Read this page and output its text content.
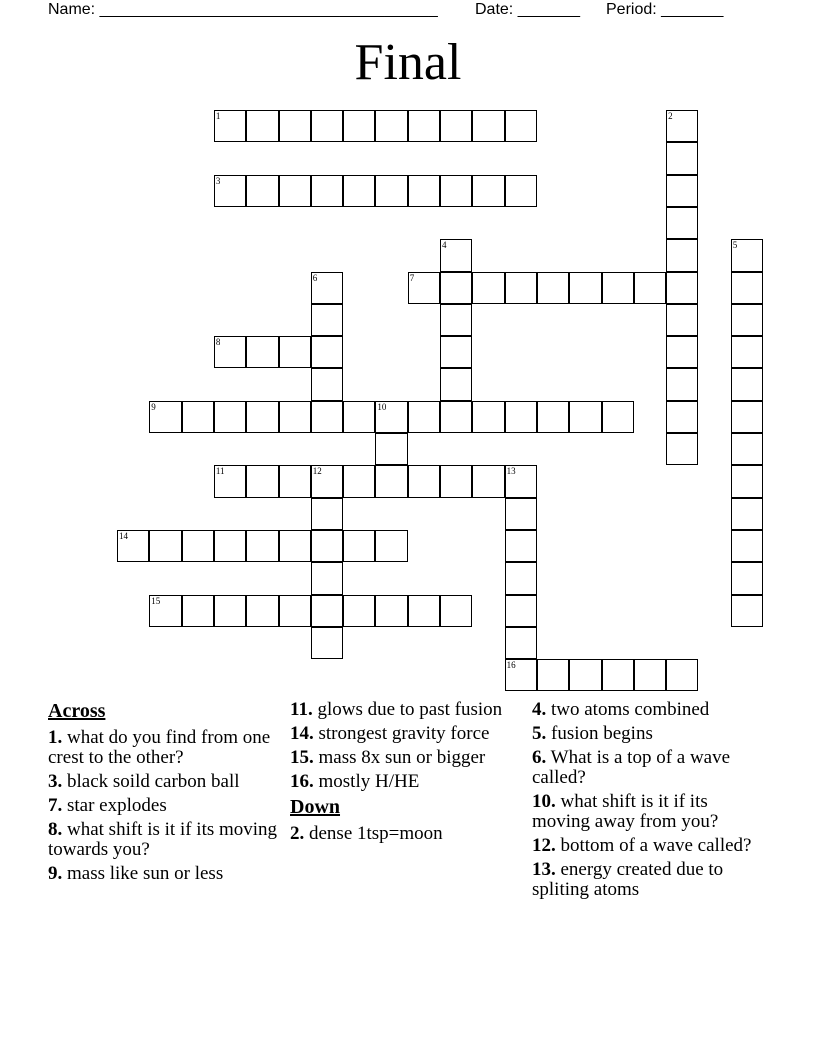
Name: ______________________________________ Date: _______ Period: _______
Final
1	2
3
4	5
6	7
8
9	10
11	12	13
16
14
15
Across
1. what do you find from one crest to the other?
3. black soild carbon ball
7. star explodes
8. what shift is it if its moving towards you?
9. mass like sun or less
11. glows due to past fusion
14. strongest gravity force
15. mass 8x sun or bigger
16. mostly H/HE
Down
2. dense 1tsp=moon
4. two atoms combined
5. fusion begins
6. What is a top of a wave called?
10. what shift is it if its moving away from you?
12. bottom of a wave called?
13. energy created due to spliting atoms
